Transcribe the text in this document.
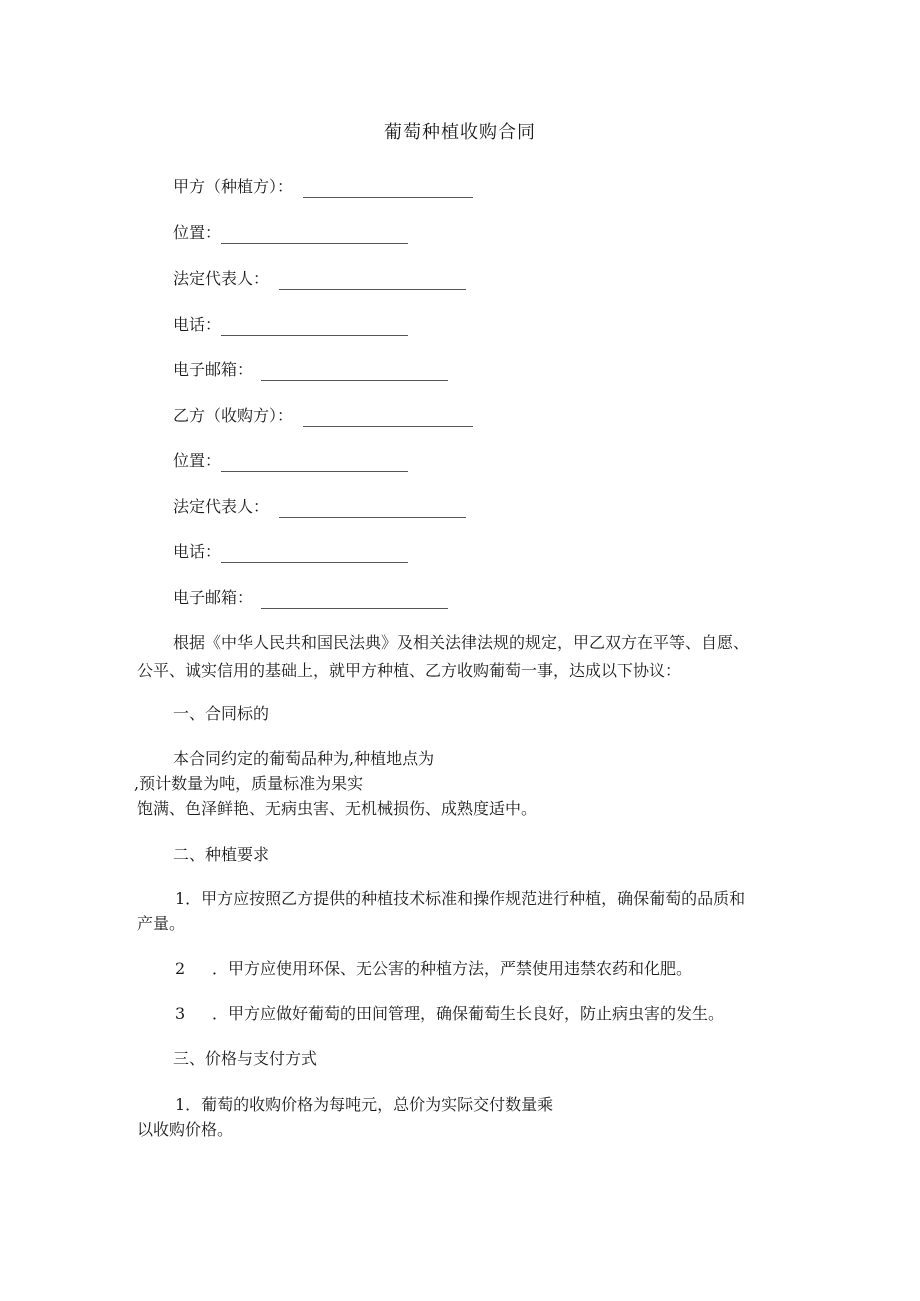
葡萄种植收购合同
甲方（种植方）：
位置：
法定代表人：
电话：
电子邮箱：
乙方（收购方）：
位置：
法定代表人：
电话：
电子邮箱：
根据《中华人民共和国民法典》及相关法律法规的规定，甲乙双方在平等、自愿、
公平、诚实信用的基础上，就甲方种植、乙方收购葡萄一事，达成以下协议：
一、合同标的
本合同约定的葡萄品种为,种植地点为
,预计数量为吨，质量标准为果实
饱满、色泽鲜艳、无病虫害、无机械损伤、成熟度适中。
二、种植要求
1．甲方应按照乙方提供的种植技术标准和操作规范进行种植，确保葡萄的品质和
产量。
2 ．甲方应使用环保、无公害的种植方法，严禁使用违禁农药和化肥。
3 ．甲方应做好葡萄的田间管理，确保葡萄生长良好，防止病虫害的发生。
三、价格与支付方式
1．葡萄的收购价格为每吨元，总价为实际交付数量乘
以收购价格。
